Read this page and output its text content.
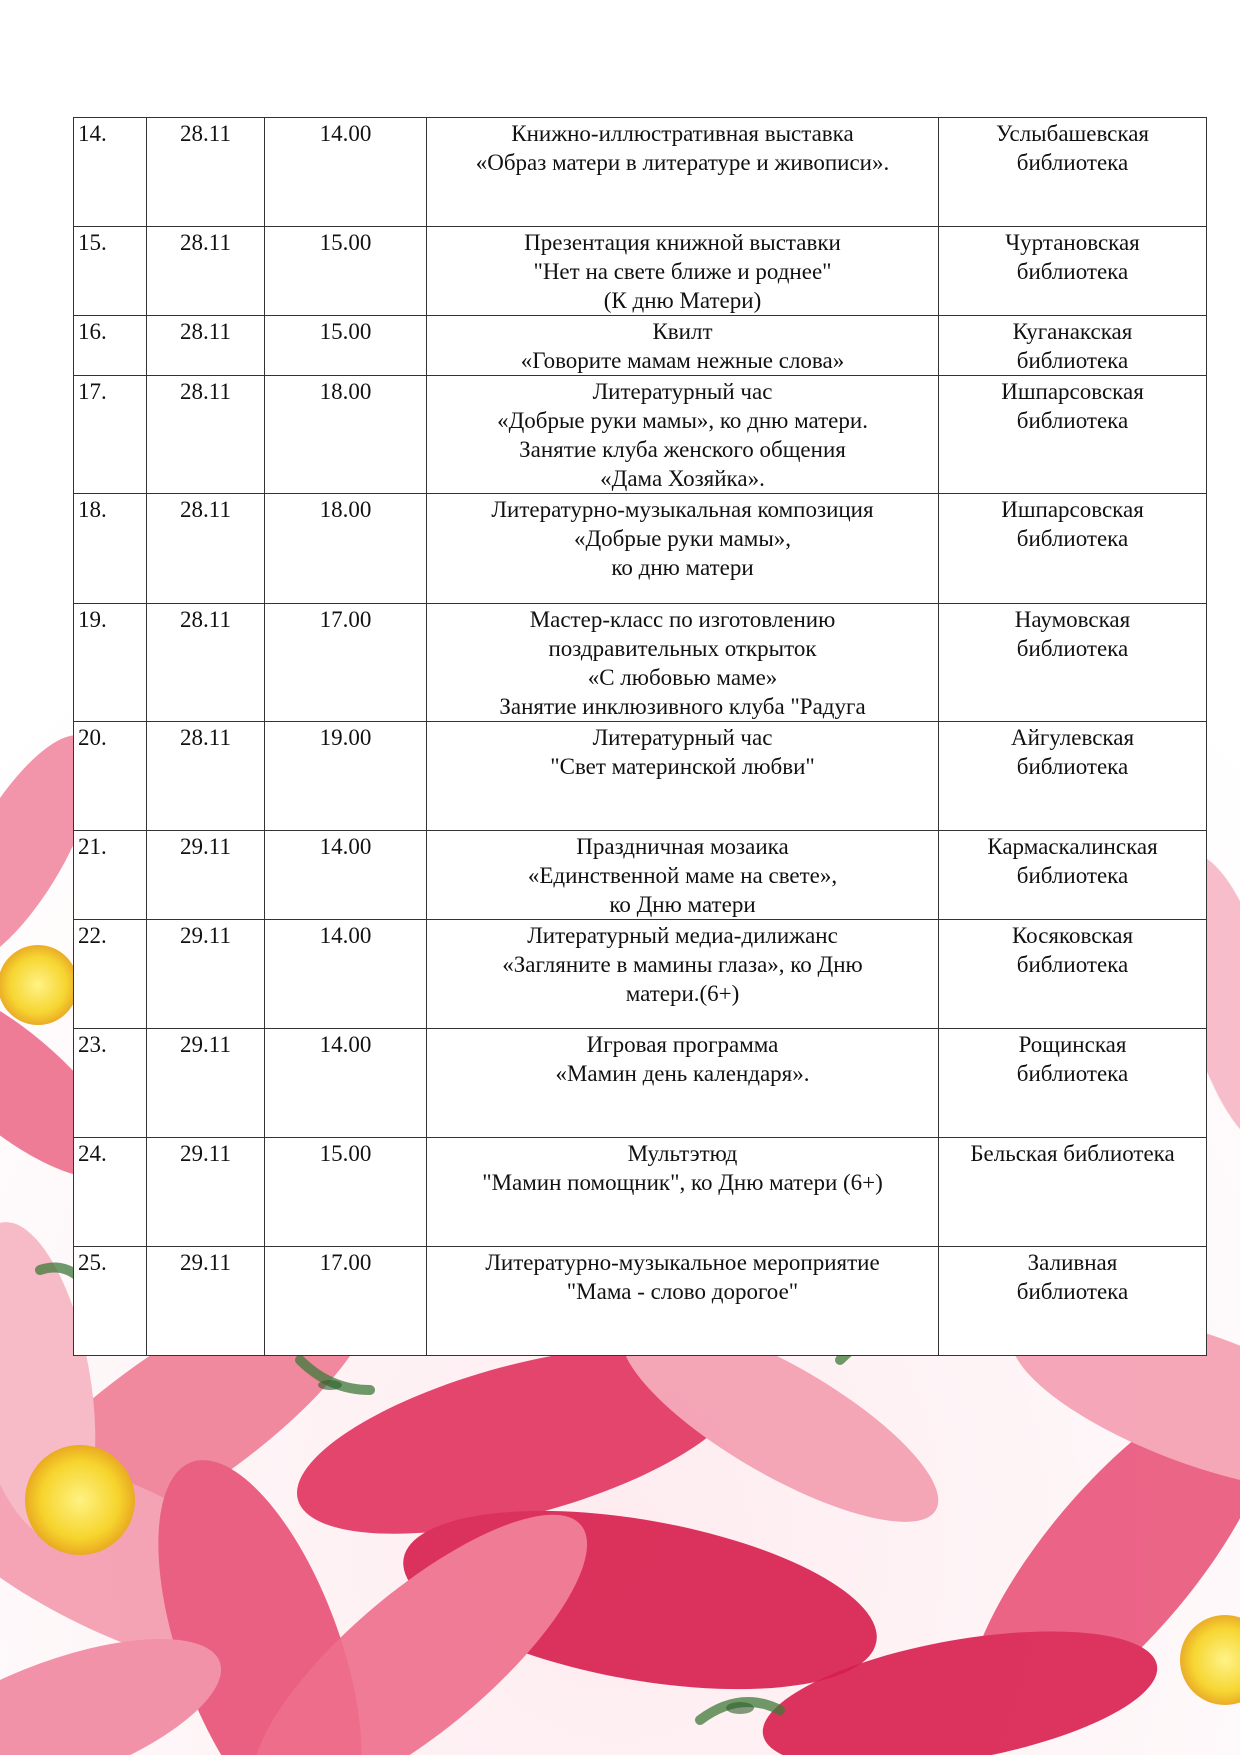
14.	28.11	14.00	Книжно-иллюстративная выставка
«Образ матери в литературе и живописи».	Услыбашевская
библиотека

15.	28.11	15.00	Презентация книжной выставки
"Нет на свете ближе и роднее"
(К дню Матери)	Чуртановская
библиотека

16.	28.11	15.00	Квилт
«Говорите мамам нежные слова»	Куганакская
библиотека

17.	28.11	18.00	Литературный час
«Добрые руки мамы», ко дню матери.
Занятие клуба женского общения
«Дама Хозяйка».	Ишпарсовская
библиотека

18.	28.11	18.00	Литературно-музыкальная композиция
«Добрые руки мамы»,
ко дню матери	Ишпарсовская
библиотека

19.	28.11	17.00	Мастер-класс по изготовлению
поздравительных открыток
«С любовью маме»
Занятие инклюзивного клуба "Радуга	Наумовская
библиотека

20.	28.11	19.00	Литературный час
"Свет материнской любви"	Айгулевская
библиотека

21.	29.11	14.00	Праздничная мозаика
«Единственной маме на свете»,
ко Дню матери	Кармаскалинская
библиотека

22.	29.11	14.00	Литературный медиа-дилижанс
«Загляните в мамины глаза», ко Дню
матери.(6+)	Косяковская
библиотека

23.	29.11	14.00	Игровая программа
«Мамин день календаря».	Рощинская
библиотека

24.	29.11	15.00	Мультэтюд
"Мамин помощник", ко Дню матери (6+)	Бельская библиотека

25.	29.11	17.00	Литературно-музыкальное мероприятие
"Мама - слово дорогое"	Заливная
библиотека
